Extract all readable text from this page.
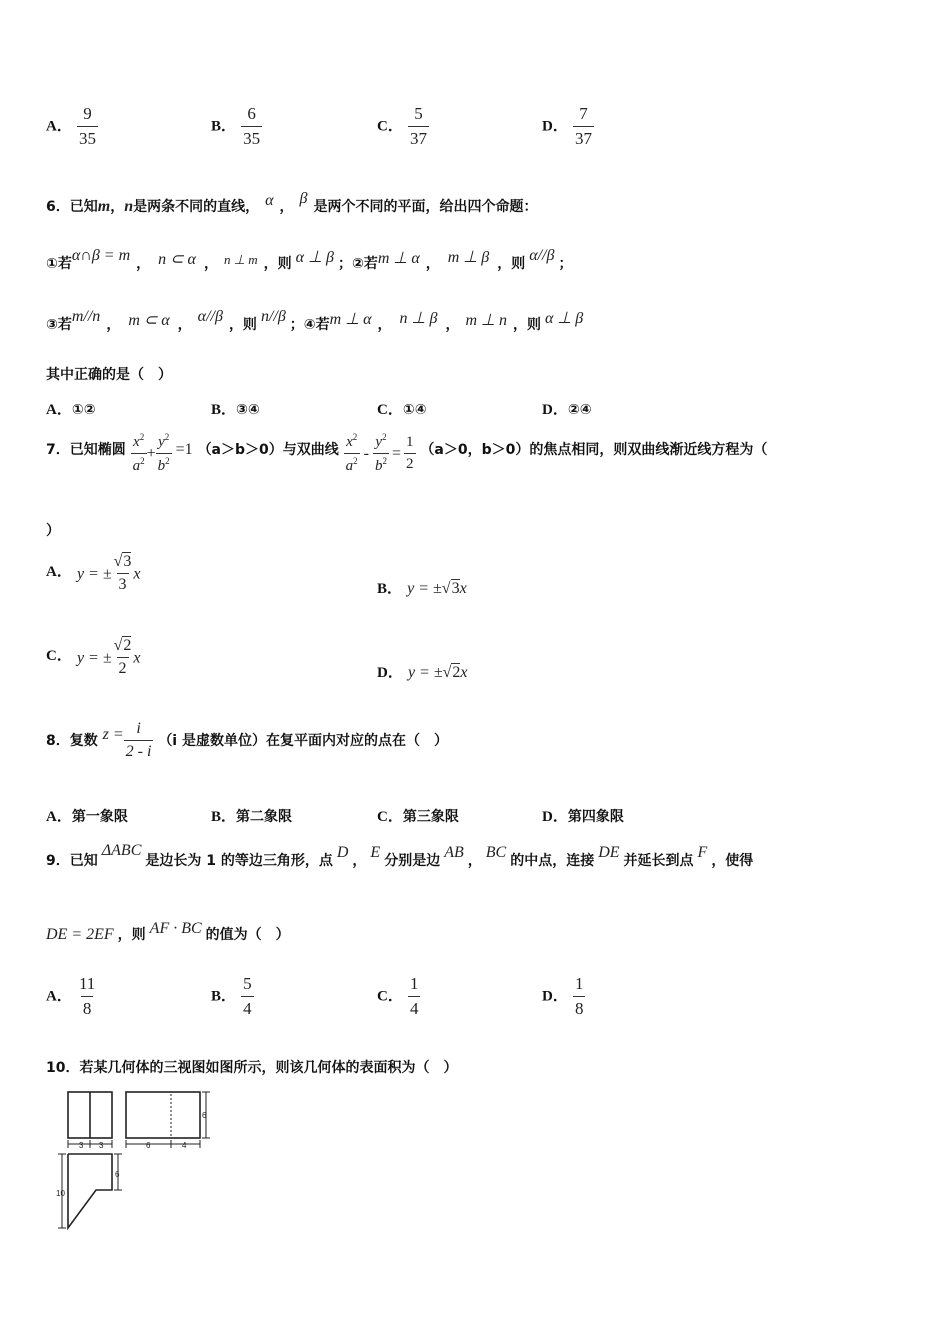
A． $\frac{9}{35}$	B． $\frac{6}{35}$	C． $\frac{5}{37}$	D． $\frac{7}{37}$
6．已知m，n是两条不同的直线， α ， β 是两个不同的平面，给出四个命题：
①若α∩β = m ， n ⊂ α ， n ⊥ m ，则 α ⊥ β ；②若m ⊥ α ， m ⊥ β ，则 α//β ；
③若m//n ， m ⊂ α ， α//β ，则 n//β ；④若m ⊥ α ， n ⊥ β ， m ⊥ n ，则 α ⊥ β
其中正确的是（　）
A．①②	B．③④	C．①④	D．②④
7．已知椭圆 $\frac{x^2}{a^2} + \frac{y^2}{b^2} =1$ （a＞b＞0）与双曲线 $\frac{x^2}{a^2} - \frac{y^2}{b^2} = \frac{1}{2} (a>0$，b＞0）的焦点相同，则双曲线渐近线方程为（
）
A． y = ± $\frac{√3}{3}$ x
B． y = ±√3x
C． y = ± $\frac{√2}{2}$ x
D． y = ±√2x
8．复数 $z = \frac{i}{2 - i} (i$ 是虚数单位）在复平面内对应的点在（　）
A．第一象限	B．第二象限	C．第三象限	D．第四象限
9．已知ΔABC是边长为 1 的等边三角形，点 D ， E 分别是边 AB ， BC 的中点，连接 DE 并延长到点 F ，使得
DE = 2EF ，则 AF · BC 的值为（　）
A． $\frac{11}{8}$	B． $\frac{5}{4}$	C． $\frac{1}{4}$	D． $\frac{1}{8}$
10．若某几何体的三视图如图所示，则该几何体的表面积为（　）
3 3	6	4
6
10
6
